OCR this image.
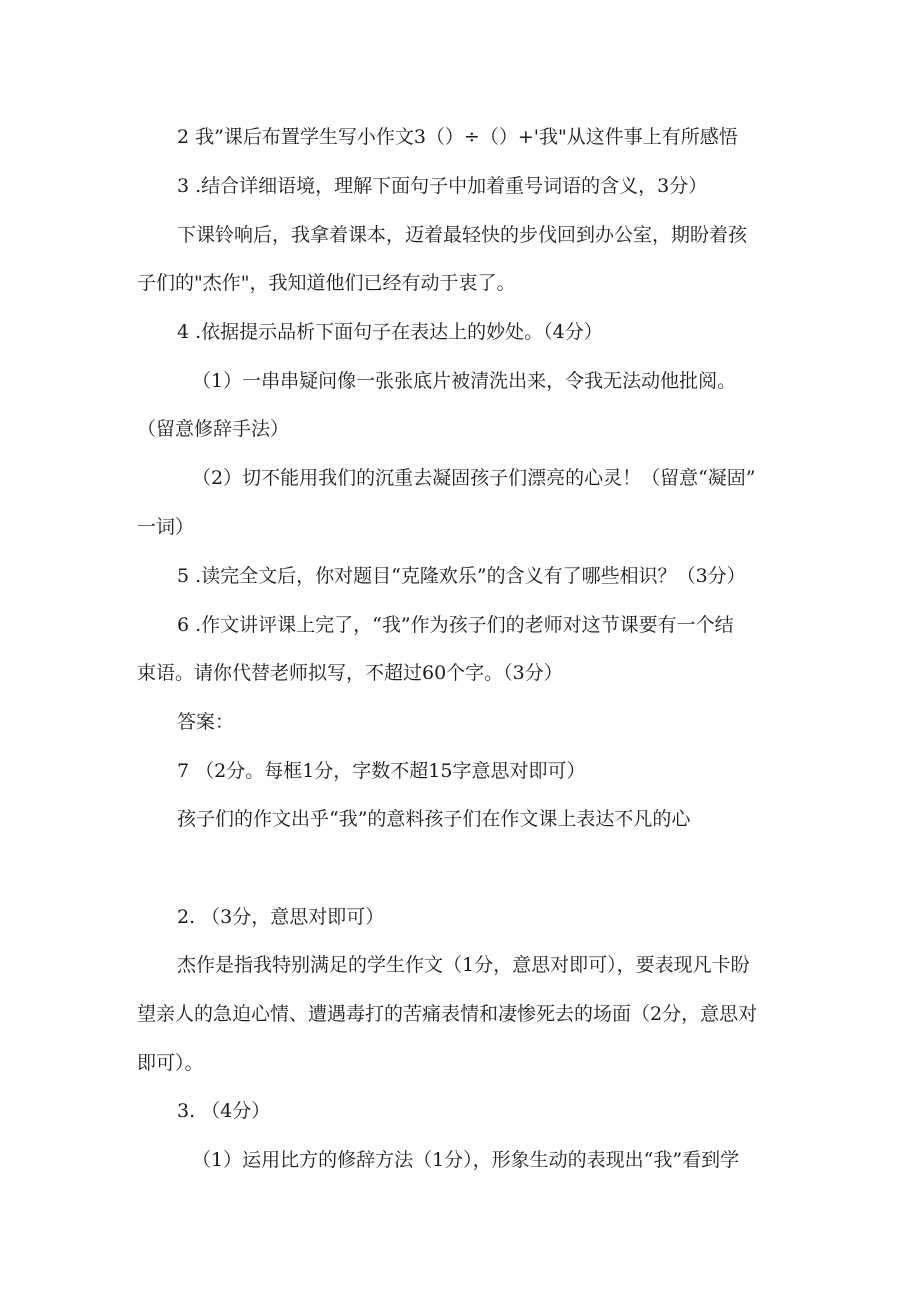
2 我”课后布置学生写小作文3（）÷（）+'我"从这件事上有所感悟
3 .结合详细语境，理解下面句子中加着重号词语的含义，3分）
下课铃响后，我拿着课本，迈着最轻快的步伐回到办公室，期盼着孩
子们的"杰作"，我知道他们已经有动于衷了。
4 .依据提示品析下面句子在表达上的妙处。（4分）
（1）一串串疑问像一张张底片被清洗出来，令我无法动他批阅。
（留意修辞手法）
（2）切不能用我们的沉重去凝固孩子们漂亮的心灵！（留意“凝固”
一词）
5 .读完全文后，你对题目“克隆欢乐”的含义有了哪些相识？（3分）
6 .作文讲评课上完了，“我”作为孩子们的老师对这节课要有一个结
束语。请你代替老师拟写，不超过60个字。（3分）
答案：
7 （2分。每框1分，字数不超15字意思对即可）
孩子们的作文出乎“我”的意料孩子们在作文课上表达不凡的心
2. （3分，意思对即可）
杰作是指我特别满足的学生作文（1分，意思对即可），要表现凡卡盼
望亲人的急迫心情、遭遇毒打的苦痛表情和凄惨死去的场面（2分，意思对
即可）。
3. （4分）
（1）运用比方的修辞方法（1分），形象生动的表现出“我”看到学
